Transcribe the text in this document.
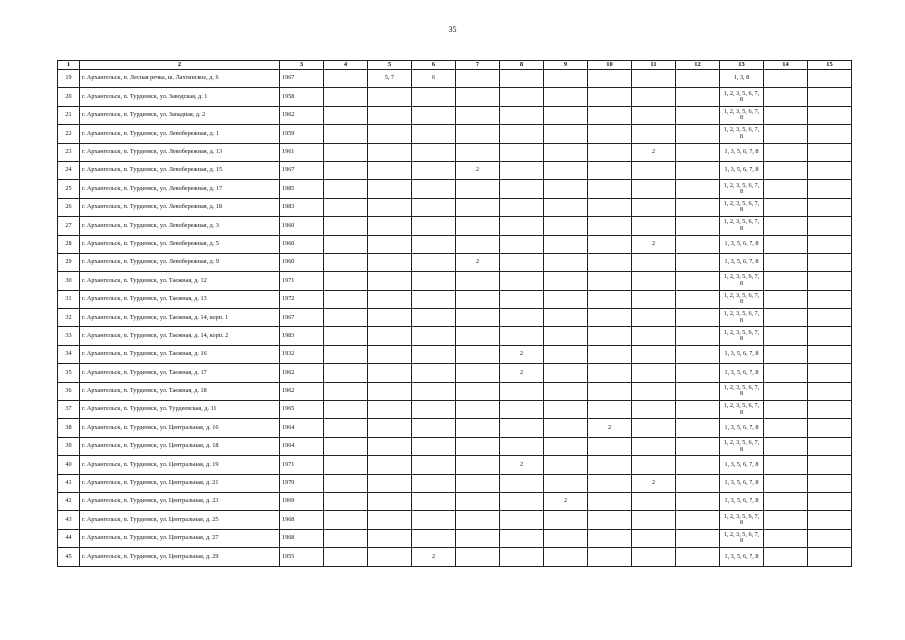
35
1	2	3	4	5	6	7	8	9	10	11	12	13	14	15
19	г. Архангельск, п. Лесная речка, ш. Лахтинское, д. 6	1967		5, 7	6							1, 3, 8		
20	г. Архангельск, п. Турдеевск, ул. Заводская, д. 1	1958										1, 2, 3, 5, 6, 7, 8		
21	г. Архангельск, п. Турдеевск, ул. Западная, д. 2	1962										1, 2, 3, 5, 6, 7, 8		
22	г. Архангельск, п. Турдеевск, ул. Левобережная, д. 1	1959										1, 2, 3, 5, 6, 7, 8		
23	г. Архангельск, п. Турдеевск, ул. Левобережная, д. 13	1961								2		1, 3, 5, 6, 7, 8		
24	г. Архангельск, п. Турдеевск, ул. Левобережная, д. 15	1967				2						1, 3, 5, 6, 7, 8		
25	г. Архангельск, п. Турдеевск, ул. Левобережная, д. 17	1985										1, 2, 3, 5, 6, 7, 8		
26	г. Архангельск, п. Турдеевск, ул. Левобережная, д. 18	1983										1, 2, 3, 5, 6, 7, 8		
27	г. Архангельск, п. Турдеевск, ул. Левобережная, д. 3	1960										1, 2, 3, 5, 6, 7, 8		
28	г. Архангельск, п. Турдеевск, ул. Левобережная, д. 5	1960								2		1, 3, 5, 6, 7, 8		
29	г. Архангельск, п. Турдеевск, ул. Левобережная, д. 9	1960				2						1, 3, 5, 6, 7, 8		
30	г. Архангельск, п. Турдеевск, ул. Таежная, д. 12	1971										1, 2, 3, 5, 6, 7, 8		
31	г. Архангельск, п. Турдеевск, ул. Таежная, д. 13	1972										1, 2, 3, 5, 6, 7, 8		
32	г. Архангельск, п. Турдеевск, ул. Таежная, д. 14, корп. 1	1967										1, 2, 3, 5, 6, 7, 8		
33	г. Архангельск, п. Турдеевск, ул. Таежная, д. 14, корп. 2	1983										1, 2, 3, 5, 6, 7, 8		
34	г. Архангельск, п. Турдеевск, ул. Таежная, д. 16	1932					2					1, 3, 5, 6, 7, 8		
35	г. Архангельск, п. Турдеевск, ул. Таежная, д. 17	1962					2					1, 3, 5, 6, 7, 8		
36	г. Архангельск, п. Турдеевск, ул. Таежная, д. 18	1962										1, 2, 3, 5, 6, 7, 8		
37	г. Архангельск, п. Турдеевск, ул. Турдеевская, д. 11	1965										1, 2, 3, 5, 6, 7, 8		
38	г. Архангельск, п. Турдеевск, ул. Центральная, д. 16	1964							2			1, 3, 5, 6, 7, 8		
39	г. Архангельск, п. Турдеевск, ул. Центральная, д. 18	1964										1, 2, 3, 5, 6, 7, 8		
40	г. Архангельск, п. Турдеевск, ул. Центральная, д. 19	1971					2					1, 3, 5, 6, 7, 8		
41	г. Архангельск, п. Турдеевск, ул. Центральная, д. 21	1970								2		1, 3, 5, 6, 7, 8		
42	г. Архангельск, п. Турдеевск, ул. Центральная, д. 23	1969						2				1, 3, 5, 6, 7, 8		
43	г. Архангельск, п. Турдеевск, ул. Центральная, д. 25	1968										1, 2, 3, 5, 6, 7, 8		
44	г. Архангельск, п. Турдеевск, ул. Центральная, д. 27	1968										1, 2, 3, 5, 6, 7, 8		
45	г. Архангельск, п. Турдеевск, ул. Центральная, д. 29	1955			2							1, 3, 5, 6, 7, 8		
